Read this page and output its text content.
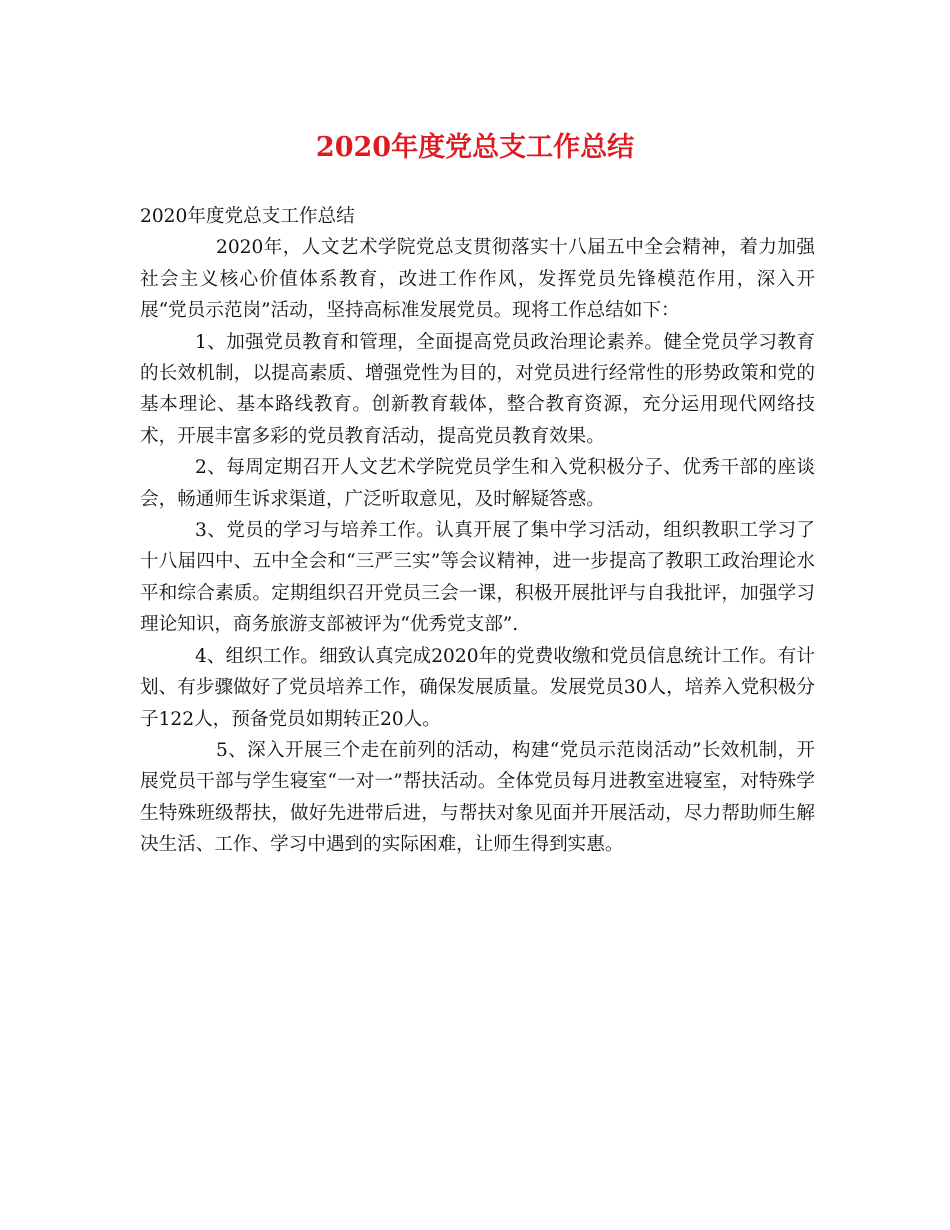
2020年度党总支工作总结

2020年度党总支工作总结

2020年，人文艺术学院党总支贯彻落实十八届五中全会精神，着力加强社会主义核心价值体系教育，改进工作作风，发挥党员先锋模范作用，深入开展“党员示范岗”活动，坚持高标准发展党员。现将工作总结如下：

1、加强党员教育和管理，全面提高党员政治理论素养。健全党员学习教育的长效机制，以提高素质、增强党性为目的，对党员进行经常性的形势政策和党的基本理论、基本路线教育。创新教育载体，整合教育资源，充分运用现代网络技术，开展丰富多彩的党员教育活动，提高党员教育效果。

2、每周定期召开人文艺术学院党员学生和入党积极分子、优秀干部的座谈会，畅通师生诉求渠道，广泛听取意见，及时解疑答惑。

3、党员的学习与培养工作。认真开展了集中学习活动，组织教职工学习了十八届四中、五中全会和“三严三实”等会议精神，进一步提高了教职工政治理论水平和综合素质。定期组织召开党员三会一课，积极开展批评与自我批评，加强学习理论知识，商务旅游支部被评为“优秀党支部”.

4、组织工作。细致认真完成2020年的党费收缴和党员信息统计工作。有计划、有步骤做好了党员培养工作，确保发展质量。发展党员30人，培养入党积极分子122人，预备党员如期转正20人。

5、深入开展三个走在前列的活动，构建“党员示范岗活动”长效机制，开展党员干部与学生寝室“一对一”帮扶活动。全体党员每月进教室进寝室，对特殊学生特殊班级帮扶，做好先进带后进，与帮扶对象见面并开展活动，尽力帮助师生解决生活、工作、学习中遇到的实际困难，让师生得到实惠。
